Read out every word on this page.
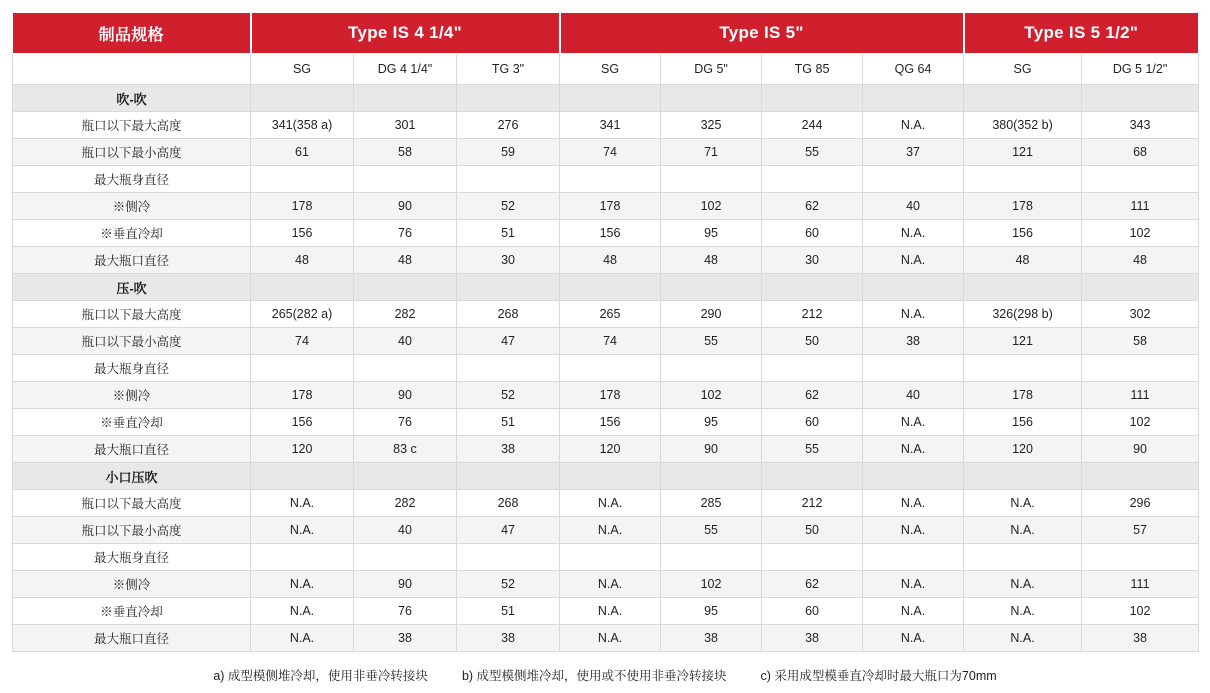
制品规格	Type IS 4 1/4"			Type IS 5"				Type IS 5 1/2"	
	SG	DG 4 1/4"	TG 3"	SG	DG 5"	TG 85	QG 64	SG	DG 5 1/2"
吹-吹									
瓶口以下最大高度	341(358 a)	301	276	341	325	244	N.A.	380(352 b)	343
瓶口以下最小高度	61	58	59	74	71	55	37	121	68
最大瓶身直径									
※侧冷	178	90	52	178	102	62	40	178	111
※垂直冷却	156	76	51	156	95	60	N.A.	156	102
最大瓶口直径	48	48	30	48	48	30	N.A.	48	48
压-吹									
瓶口以下最大高度	265(282 a)	282	268	265	290	212	N.A.	326(298 b)	302
瓶口以下最小高度	74	40	47	74	55	50	38	121	58
最大瓶身直径									
※侧冷	178	90	52	178	102	62	40	178	111
※垂直冷却	156	76	51	156	95	60	N.A.	156	102
最大瓶口直径	120	83 c	38	120	90	55	N.A.	120	90
小口压吹									
瓶口以下最大高度	N.A.	282	268	N.A.	285	212	N.A.	N.A.	296
瓶口以下最小高度	N.A.	40	47	N.A.	55	50	N.A.	N.A.	57
最大瓶身直径									
※侧冷	N.A.	90	52	N.A.	102	62	N.A.	N.A.	111
※垂直冷却	N.A.	76	51	N.A.	95	60	N.A.	N.A.	102
最大瓶口直径	N.A.	38	38	N.A.	38	38	N.A.	N.A.	38
a) 成型模侧堆冷却，使用非垂冷转接块	b) 成型模侧堆冷却，使用或不使用非垂冷转接块	c) 采用成型模垂直冷却时最大瓶口为70mm
